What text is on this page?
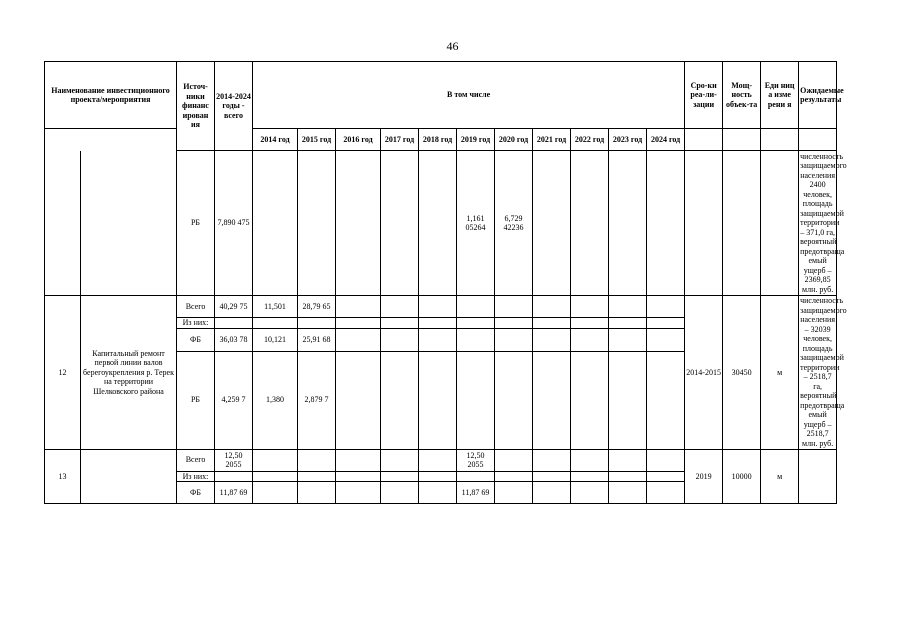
46
Наименование инвестиционного проекта/мероприятия		Источ-ники финанс ирован ия	2014-2024 годы - всего	В том числе											Сро-ки реа-ли-зации	Мощ-ность объек-та	Еди ниц а изме рени я	Ожидаемые результаты
				2014 год	2015 год	2016 год	2017 год	2018 год	2019 год	2020 год	2021 год	2022 год	2023 год	2024 год				
		РБ	7,890 475						1,161 05264	6,729 42236								численность защищаемого населения 2400 человек, площадь защищаемой территории – 371,0 га, вероятный предотвраща емый ущерб – 2369,85 млн. руб.
12	Капитальный ремонт первой линии валов берегоукрепления р. Терек на территории Шелковского района	Всего	40,29 75	11,501	28,79 65										2014-2015	30450	м	численность защищаемого населения – 32039 человек, площадь защищаемой территории – 2518,7 га, вероятный предотвраща емый ущерб – 2518,7 млн. руб.
		Из них:																
		ФБ	36,03 78	10,121	25,91 68													
		РБ	4,259 7	1,380	2,879 7													
13		Всего	12,50 2055						12,50 2055						2019	10000	м	
		Из них:																
		ФБ	11,87 69						11,87 69									
